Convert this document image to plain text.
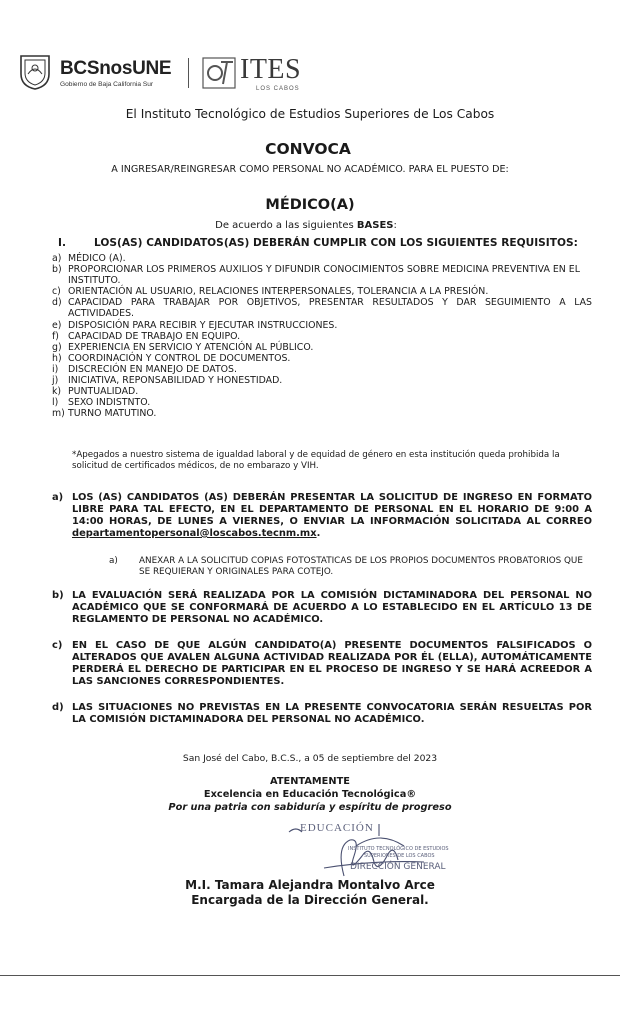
BCSnosUNE
Gobierno de Baja California Sur	ITES
LOS CABOS
El Instituto Tecnológico de Estudios Superiores de Los Cabos
CONVOCA
A INGRESAR/REINGRESAR COMO PERSONAL NO ACADÉMICO. PARA EL PUESTO DE:
MÉDICO(A)
De acuerdo a las siguientes BASES:
I.	LOS(AS) CANDIDATOS(AS) DEBERÁN CUMPLIR CON LOS SIGUIENTES REQUISITOS:
a) MÉDICO (A).
b) PROPORCIONAR LOS PRIMEROS AUXILIOS Y DIFUNDIR CONOCIMIENTOS SOBRE MEDICINA PREVENTIVA EN EL INSTITUTO.
c) ORIENTACIÓN AL USUARIO, RELACIONES INTERPERSONALES, TOLERANCIA A LA PRESIÓN.
d) CAPACIDAD PARA TRABAJAR POR OBJETIVOS, PRESENTAR RESULTADOS Y DAR SEGUIMIENTO A LAS ACTIVIDADES.
e) DISPOSICIÓN PARA RECIBIR Y EJECUTAR INSTRUCCIONES.
f) CAPACIDAD DE TRABAJO EN EQUIPO.
g) EXPERIENCIA EN SERVICIO Y ATENCIÓN AL PÚBLICO.
h) COORDINACIÓN Y CONTROL DE DOCUMENTOS.
i) DISCRECIÓN EN MANEJO DE DATOS.
j) INICIATIVA, REPONSABILIDAD Y HONESTIDAD.
k) PUNTUALIDAD.
l) SEXO INDISTNTO.
m) TURNO MATUTINO.
*Apegados a nuestro sistema de igualdad laboral y de equidad de género en esta institución queda prohibida la solicitud de certificados médicos, de no embarazo y VIH.
a) LOS (AS) CANDIDATOS (AS) DEBERÁN PRESENTAR LA SOLICITUD DE INGRESO EN FORMATO LIBRE PARA TAL EFECTO, EN EL DEPARTAMENTO DE PERSONAL EN EL HORARIO DE 9:00 A 14:00 HORAS, DE LUNES A VIERNES, O ENVIAR LA INFORMACIÓN SOLICITADA AL CORREO departamentopersonal@loscabos.tecnm.mx.
a)	ANEXAR A LA SOLICITUD COPIAS FOTOSTATICAS DE LOS PROPIOS DOCUMENTOS PROBATORIOS QUE SE REQUIERAN Y ORIGINALES PARA COTEJO.
b) LA EVALUACIÓN SERÁ REALIZADA POR LA COMISIÓN DICTAMINADORA DEL PERSONAL NO ACADÉMICO QUE SE CONFORMARÁ DE ACUERDO A LO ESTABLECIDO EN EL ARTÍCULO 13 DE REGLAMENTO DE PERSONAL NO ACADÉMICO.
c) EN EL CASO DE QUE ALGÚN CANDIDATO(A) PRESENTE DOCUMENTOS FALSIFICADOS O ALTERADOS QUE AVALEN ALGUNA ACTIVIDAD REALIZADA POR ÉL (ELLA), AUTOMÁTICAMENTE PERDERÁ EL DERECHO DE PARTICIPAR EN EL PROCESO DE INGRESO Y SE HARÁ ACREEDOR A LAS SANCIONES CORRESPONDIENTES.
d) LAS SITUACIONES NO PREVISTAS EN LA PRESENTE CONVOCATORIA SERÁN RESUELTAS POR LA COMISIÓN DICTAMINADORA DEL PERSONAL NO ACADÉMICO.
San José del Cabo, B.C.S., a 05 de septiembre del 2023
ATENTAMENTE
Excelencia en Educación Tecnológica®
Por una patria con sabiduría y espíritu de progreso
EDUCACIÓN
INSTITUTO TECNOLÓGICO DE ESTUDIOS
SUPERIORES DE LOS CABOS
DIRECCIÓN GENERAL
M.I. Tamara Alejandra Montalvo Arce
Encargada de la Dirección General.
